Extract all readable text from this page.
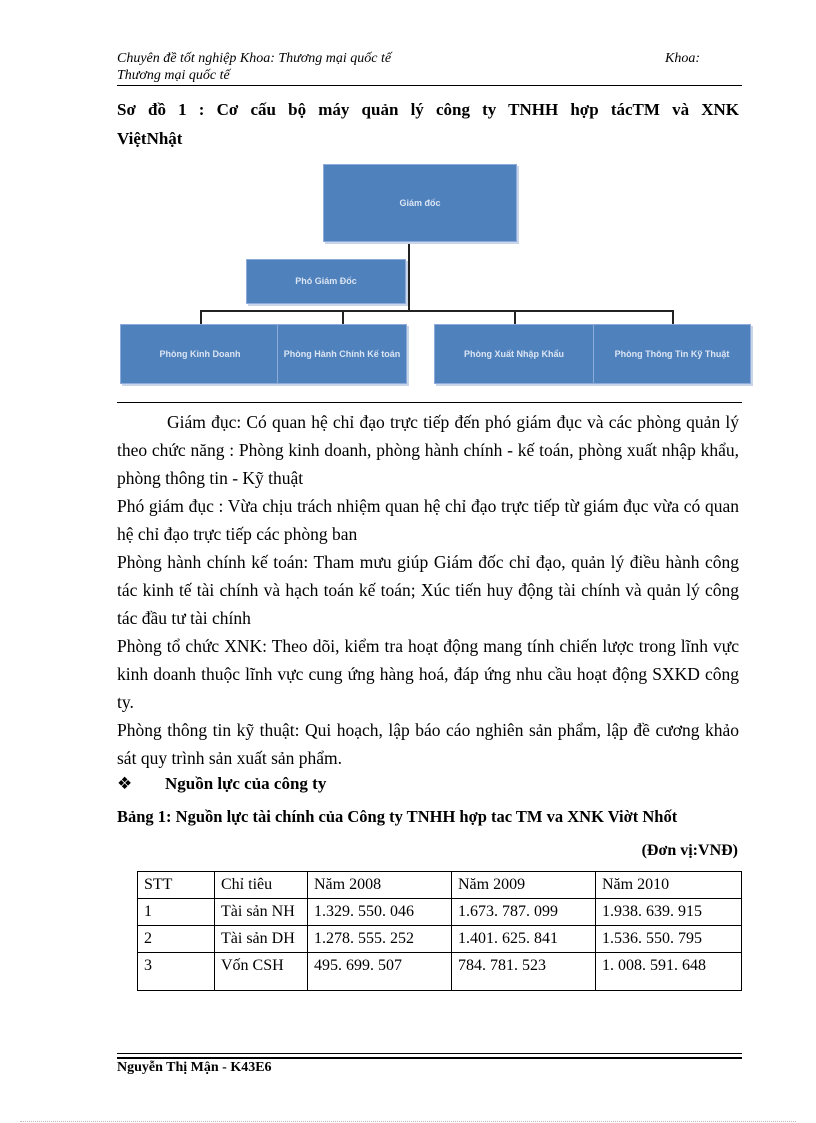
Chuyên đề tốt nghiệp Khoa: Thương mại quốc tế	Khoa:
Thương mại quốc tế
Sơ đồ 1 : Cơ cấu bộ máy quản lý công ty TNHH hợp tácTM và XNK
ViệtNhật
Giám đốc
Phó Giám Đốc
Phòng Kinh Doanh	Phòng Hành Chính Kế toán	Phòng Xuất Nhập Khẩu	Phòng Thông Tin Kỹ Thuật

Giám đục: Có quan hệ chỉ đạo trực tiếp đến phó giám đục và các phòng quản lý theo chức năng : Phòng kinh doanh, phòng hành chính - kế toán, phòng xuất nhập khẩu, phòng thông tin - Kỹ thuật

Phó giám đục : Vừa chịu trách nhiệm quan hệ chỉ đạo trực tiếp từ giám đục vừa có quan hệ chỉ đạo trực tiếp các phòng ban

Phòng hành chính kế toán: Tham mưu giúp Giám đốc chỉ đạo, quản lý điều hành công tác kinh tế tài chính và hạch toán kế toán; Xúc tiến huy động tài chính và quản lý công tác đầu tư tài chính

Phòng tổ chức XNK: Theo dõi, kiểm tra hoạt động mang tính chiến lược trong lĩnh vực kinh doanh thuộc lĩnh vực cung ứng hàng hoá, đáp ứng nhu cầu hoạt động SXKD công ty.

Phòng thông tin kỹ thuật: Qui hoạch, lập báo cáo nghiên sản phẩm, lập đề cương khảo sát quy trình sản xuất sản phẩm.

❖ Nguồn lực của công ty
Bảng 1: Nguồn lực tài chính của Công ty TNHH hợp tac TM va XNK Viờt Nhốt
(Đơn vị:VNĐ)
STT	Chỉ tiêu	Năm 2008	Năm 2009	Năm 2010
1	Tài sản NH	1.329. 550. 046	1.673. 787. 099	1.938. 639. 915
2	Tài sản DH	1.278. 555. 252	1.401. 625. 841	1.536. 550. 795
3	Vốn CSH	495. 699. 507	784. 781. 523	1. 008. 591. 648
Nguyễn Thị Mận - K43E6
